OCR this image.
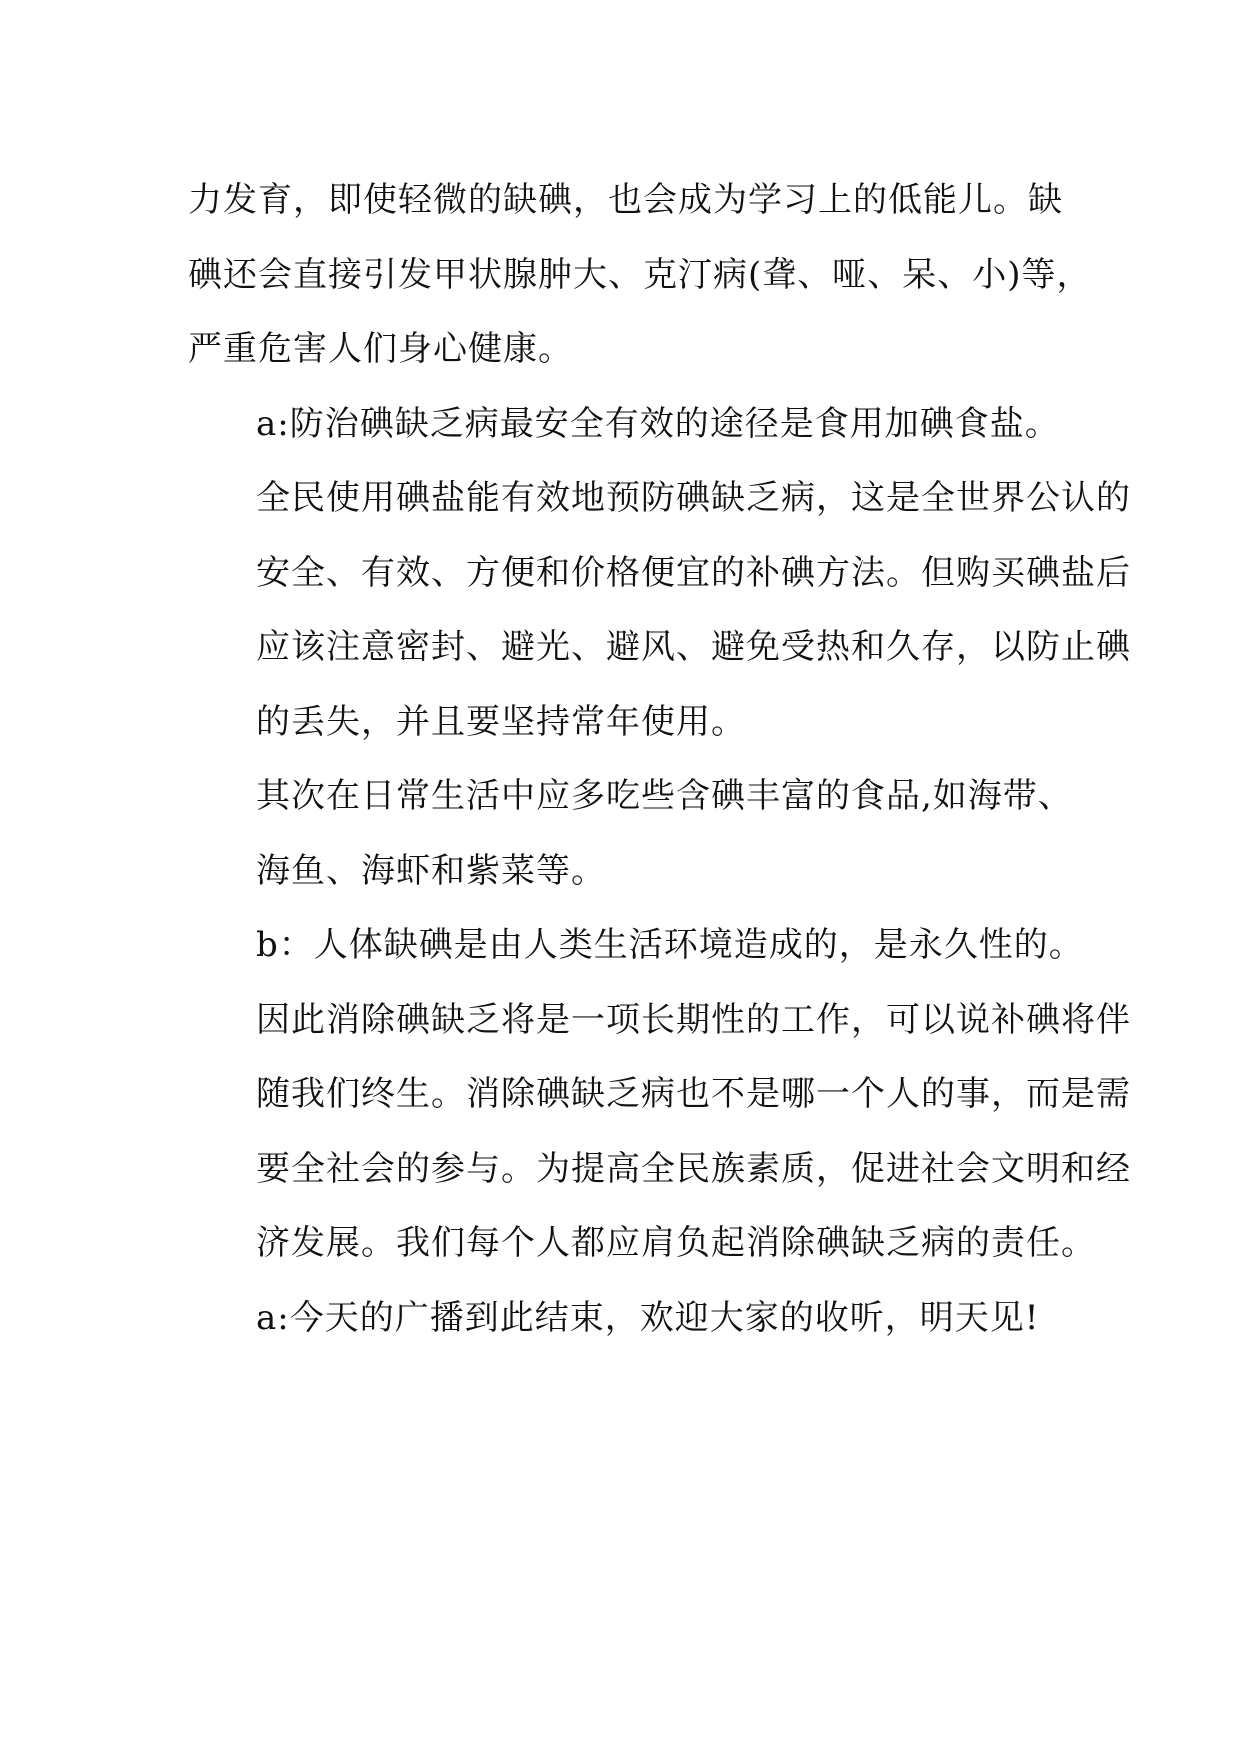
力发育，即使轻微的缺碘，也会成为学习上的低能儿。缺
碘还会直接引发甲状腺肿大、克汀病(聋、哑、呆、小)等，
严重危害人们身心健康。

a:防治碘缺乏病最安全有效的途径是食用加碘食盐。
全民使用碘盐能有效地预防碘缺乏病，这是全世界公认的
安全、有效、方便和价格便宜的补碘方法。但购买碘盐后
应该注意密封、避光、避风、避免受热和久存，以防止碘
的丢失，并且要坚持常年使用。

其次在日常生活中应多吃些含碘丰富的食品,如海带、
海鱼、海虾和紫菜等。

b：人体缺碘是由人类生活环境造成的，是永久性的。
因此消除碘缺乏将是一项长期性的工作，可以说补碘将伴
随我们终生。消除碘缺乏病也不是哪一个人的事，而是需
要全社会的参与。为提高全民族素质，促进社会文明和经
济发展。我们每个人都应肩负起消除碘缺乏病的责任。

a:今天的广播到此结束，欢迎大家的收听，明天见!
